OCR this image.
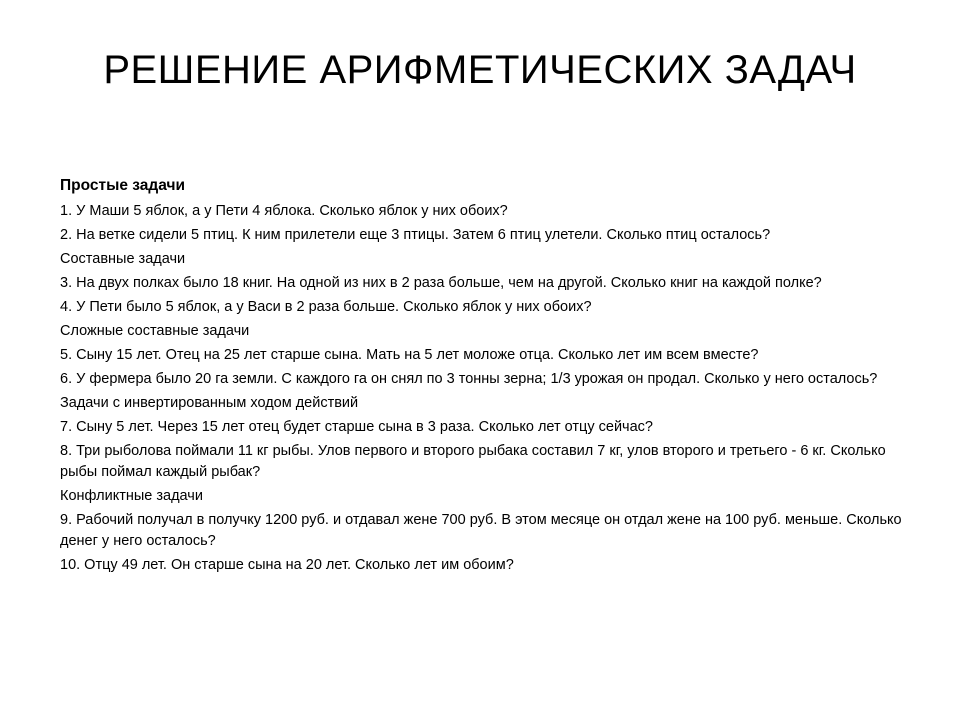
РЕШЕНИЕ АРИФМЕТИЧЕСКИХ ЗАДАЧ
Простые задачи
1. У Маши 5 яблок, а у Пети 4 яблока. Сколько яблок у них обоих?
2. На ветке сидели 5 птиц. К ним прилетели еще 3 птицы. Затем 6 птиц улетели. Сколько птиц осталось?
Составные задачи
3. На двух полках было 18 книг. На одной из них в 2 раза больше, чем на другой. Сколько книг на каждой полке?
4. У Пети было 5 яблок, а у Васи в 2 раза больше. Сколько яблок у них обоих?
Сложные составные задачи
5. Сыну 15 лет. Отец на 25 лет старше сына. Мать на 5 лет моложе отца. Сколько лет им всем вместе?
6. У фермера было 20 га земли. С каждого га он снял по 3 тонны зерна; 1/3 урожая он продал. Сколько у него осталось?
Задачи с инвертированным ходом действий
7. Сыну 5 лет. Через 15 лет отец будет старше сына в 3 раза. Сколько лет отцу сейчас?
8. Три рыболова поймали 11 кг рыбы. Улов первого и второго рыбака составил 7 кг, улов второго и третьего - 6 кг. Сколько рыбы поймал каждый рыбак?
Конфликтные задачи
9. Рабочий получал в получку 1200 руб. и отдавал жене 700 руб. В этом месяце он отдал жене на 100 руб. меньше. Сколько денег у него осталось?
10. Отцу 49 лет. Он старше сына на 20 лет. Сколько лет им обоим?
